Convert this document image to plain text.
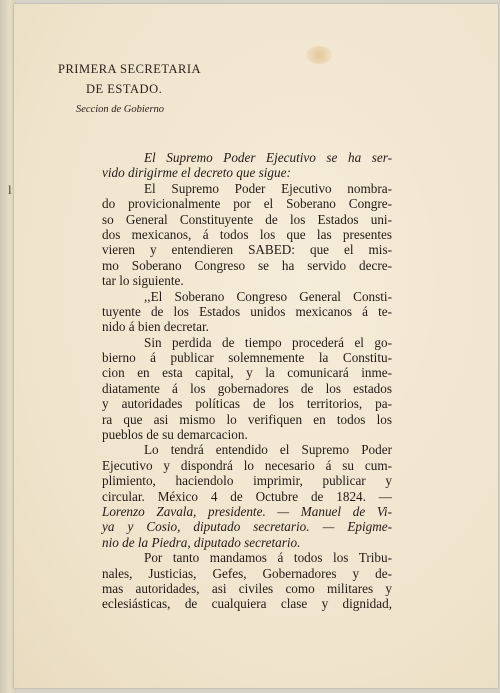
l
PRIMERA SECRETARIA
DE ESTADO.
Seccion de Gobierno
El Supremo Poder Ejecutivo se ha ser-
vido dirigirme el decreto que sigue:
El Supremo Poder Ejecutivo nombra-
do provicionalmente por el Soberano Congre-
so General Constituyente de los Estados uni-
dos mexicanos, á todos los que las presentes
vieren y entendieren SABED: que el mis-
mo Soberano Congreso se ha servido decre-
tar lo siguiente.
,,El Soberano Congreso General Consti-
tuyente de los Estados unidos mexicanos á te-
nido á bien decretar.
Sin perdida de tiempo procederá el go-
bierno á publicar solemnemente la Constitu-
cion en esta capital, y la comunicará inme-
diatamente á los gobernadores de los estados
y autoridades políticas de los territorios, pa-
ra que asi mismo lo verifiquen en todos los
pueblos de su demarcacion.
Lo tendrá entendido el Supremo Poder
Ejecutivo y dispondrá lo necesario á su cum-
plimiento, haciendolo imprimir, publicar y
circular. México 4 de Octubre de 1824. —
Lorenzo Zavala, presidente. — Manuel de Vi-
ya y Cosio, diputado secretario. — Epigme-
nio de la Piedra, diputado secretario.
Por tanto mandamos á todos los Tribu-
nales, Justicias, Gefes, Gobernadores y de-
mas autoridades, asi civiles como militares y
eclesiásticas, de cualquiera clase y dignidad,
